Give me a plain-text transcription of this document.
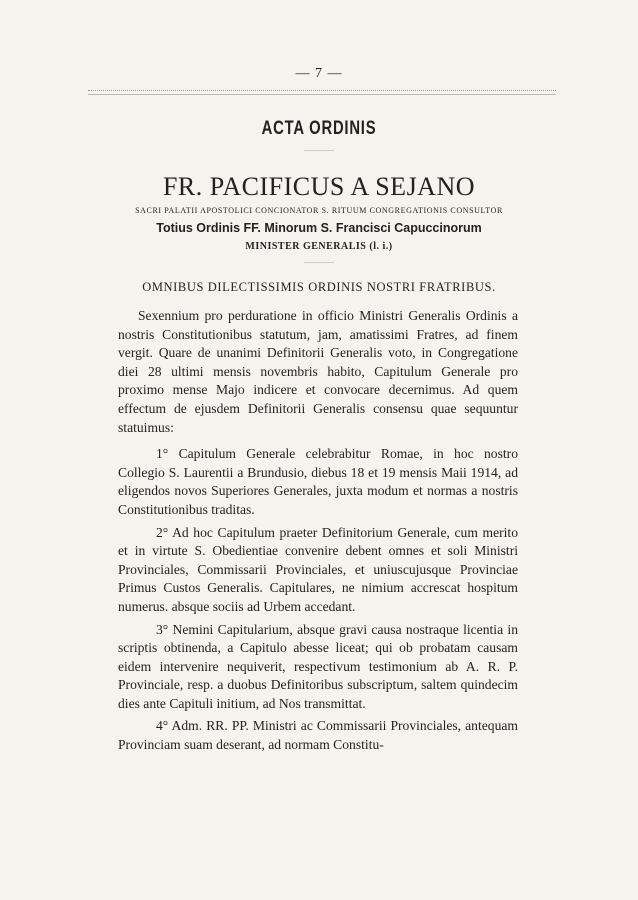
— 7 —
ACTA ORDINIS
FR. PACIFICUS A SEJANO
SACRI PALATII APOSTOLICI CONCIONATOR S. RITUUM CONGREGATIONIS CONSULTOR
Totius Ordinis FF. Minorum S. Francisci Capuccinorum
MINISTER GENERALIS (l. i.)
OMNIBUS DILECTISSIMIS ORDINIS NOSTRI FRATRIBUS.

Sexennium pro perduratione in officio Ministri Generalis Ordinis a nostris Constitutionibus statutum, jam, amatissimi Fratres, ad finem vergit. Quare de unanimi Definitorii Generalis voto, in Congregatione diei 28 ultimi mensis novembris habito, Capitulum Generale pro proximo mense Majo indicere et convocare decernimus. Ad quem effectum de ejusdem Definitorii Generalis consensu quae sequuntur statuimus:

1° Capitulum Generale celebrabitur Romae, in hoc nostro Collegio S. Laurentii a Brundusio, diebus 18 et 19 mensis Maii 1914, ad eligendos novos Superiores Generales, juxta modum et normas a nostris Constitutionibus traditas.

2° Ad hoc Capitulum praeter Definitorium Generale, cum merito et in virtute S. Obedientiae convenire debent omnes et soli Ministri Provinciales, Commissarii Provinciales, et uniuscujusque Provinciae Primus Custos Generalis. Capitulares, ne nimium accrescat hospitum numerus. absque sociis ad Urbem accedant.

3° Nemini Capitularium, absque gravi causa nostraque licentia in scriptis obtinenda, a Capitulo abesse liceat; qui ob probatam causam eidem intervenire nequiverit, respectivum testimonium ab A. R. P. Provinciale, resp. a duobus Definitoribus subscriptum, saltem quindecim dies ante Capituli initium, ad Nos transmittat.

4° Adm. RR. PP. Ministri ac Commissarii Provinciales, antequam Provinciam suam deserant, ad normam Constitu-
